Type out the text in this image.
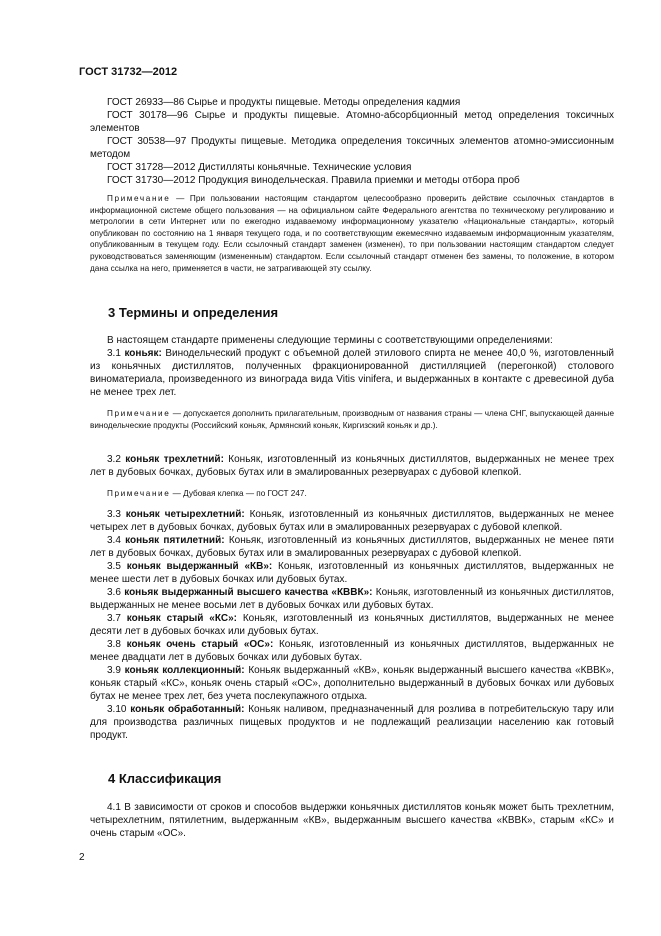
ГОСТ 31732—2012

ГОСТ 26933—86 Сырье и продукты пищевые. Методы определения кадмия

ГОСТ 30178—96 Сырье и продукты пищевые. Атомно-абсорбционный метод определения токсичных элементов

ГОСТ 30538—97 Продукты пищевые. Методика определения токсичных элементов атомно-эмиссионным методом

ГОСТ 31728—2012 Дистилляты коньячные. Технические условия

ГОСТ 31730—2012 Продукция винодельческая. Правила приемки и методы отбора проб

Примечание — При пользовании настоящим стандартом целесообразно проверить действие ссылочных стандартов в информационной системе общего пользования — на официальном сайте Федерального агентства по техническому регулированию и метрологии в сети Интернет или по ежегодно издаваемому информационному указателю «Национальные стандарты», который опубликован по состоянию на 1 января текущего года, и по соответствующим ежемесячно издаваемым информационным указателям, опубликованным в текущем году. Если ссылочный стандарт заменен (изменен), то при пользовании настоящим стандартом следует руководствоваться заменяющим (измененным) стандартом. Если ссылочный стандарт отменен без замены, то положение, в котором дана ссылка на него, применяется в части, не затрагивающей эту ссылку.

3 Термины и определения

В настоящем стандарте применены следующие термины с соответствующими определениями:

3.1 коньяк: Винодельческий продукт с объемной долей этилового спирта не менее 40,0 %, изготовленный из коньячных дистиллятов, полученных фракционированной дистилляцией (перегонкой) столового виноматериала, произведенного из винограда вида Vitis vinifera, и выдержанных в контакте с древесиной дуба не менее трех лет.

Примечание — допускается дополнить прилагательным, производным от названия страны — члена СНГ, выпускающей данные винодельческие продукты (Российский коньяк, Армянский коньяк, Киргизский коньяк и др.).

3.2 коньяк трехлетний: Коньяк, изготовленный из коньячных дистиллятов, выдержанных не менее трех лет в дубовых бочках, дубовых бутах или в эмалированных резервуарах с дубовой клепкой.

Примечание — Дубовая клепка — по ГОСТ 247.

3.3 коньяк четырехлетний: Коньяк, изготовленный из коньячных дистиллятов, выдержанных не менее четырех лет в дубовых бочках, дубовых бутах или в эмалированных резервуарах с дубовой клепкой.

3.4 коньяк пятилетний: Коньяк, изготовленный из коньячных дистиллятов, выдержанных не менее пяти лет в дубовых бочках, дубовых бутах или в эмалированных резервуарах с дубовой клепкой.

3.5 коньяк выдержанный «КВ»: Коньяк, изготовленный из коньячных дистиллятов, выдержанных не менее шести лет в дубовых бочках или дубовых бутах.

3.6 коньяк выдержанный высшего качества «КВВК»: Коньяк, изготовленный из коньячных дистиллятов, выдержанных не менее восьми лет в дубовых бочках или дубовых бутах.

3.7 коньяк старый «КС»: Коньяк, изготовленный из коньячных дистиллятов, выдержанных не менее десяти лет в дубовых бочках или дубовых бутах.

3.8 коньяк очень старый «ОС»: Коньяк, изготовленный из коньячных дистиллятов, выдержанных не менее двадцати лет в дубовых бочках или дубовых бутах.

3.9 коньяк коллекционный: Коньяк выдержанный «КВ», коньяк выдержанный высшего качества «КВВК», коньяк старый «КС», коньяк очень старый «ОС», дополнительно выдержанный в дубовых бочках или дубовых бутах не менее трех лет, без учета послекупажного отдыха.

3.10 коньяк обработанный: Коньяк наливом, предназначенный для розлива в потребительскую тару или для производства различных пищевых продуктов и не подлежащий реализации населению как готовый продукт.

4 Классификация

4.1 В зависимости от сроков и способов выдержки коньячных дистиллятов коньяк может быть трехлетним, четырехлетним, пятилетним, выдержанным «КВ», выдержанным высшего качества «КВВК», старым «КС» и очень старым «ОС».

2
